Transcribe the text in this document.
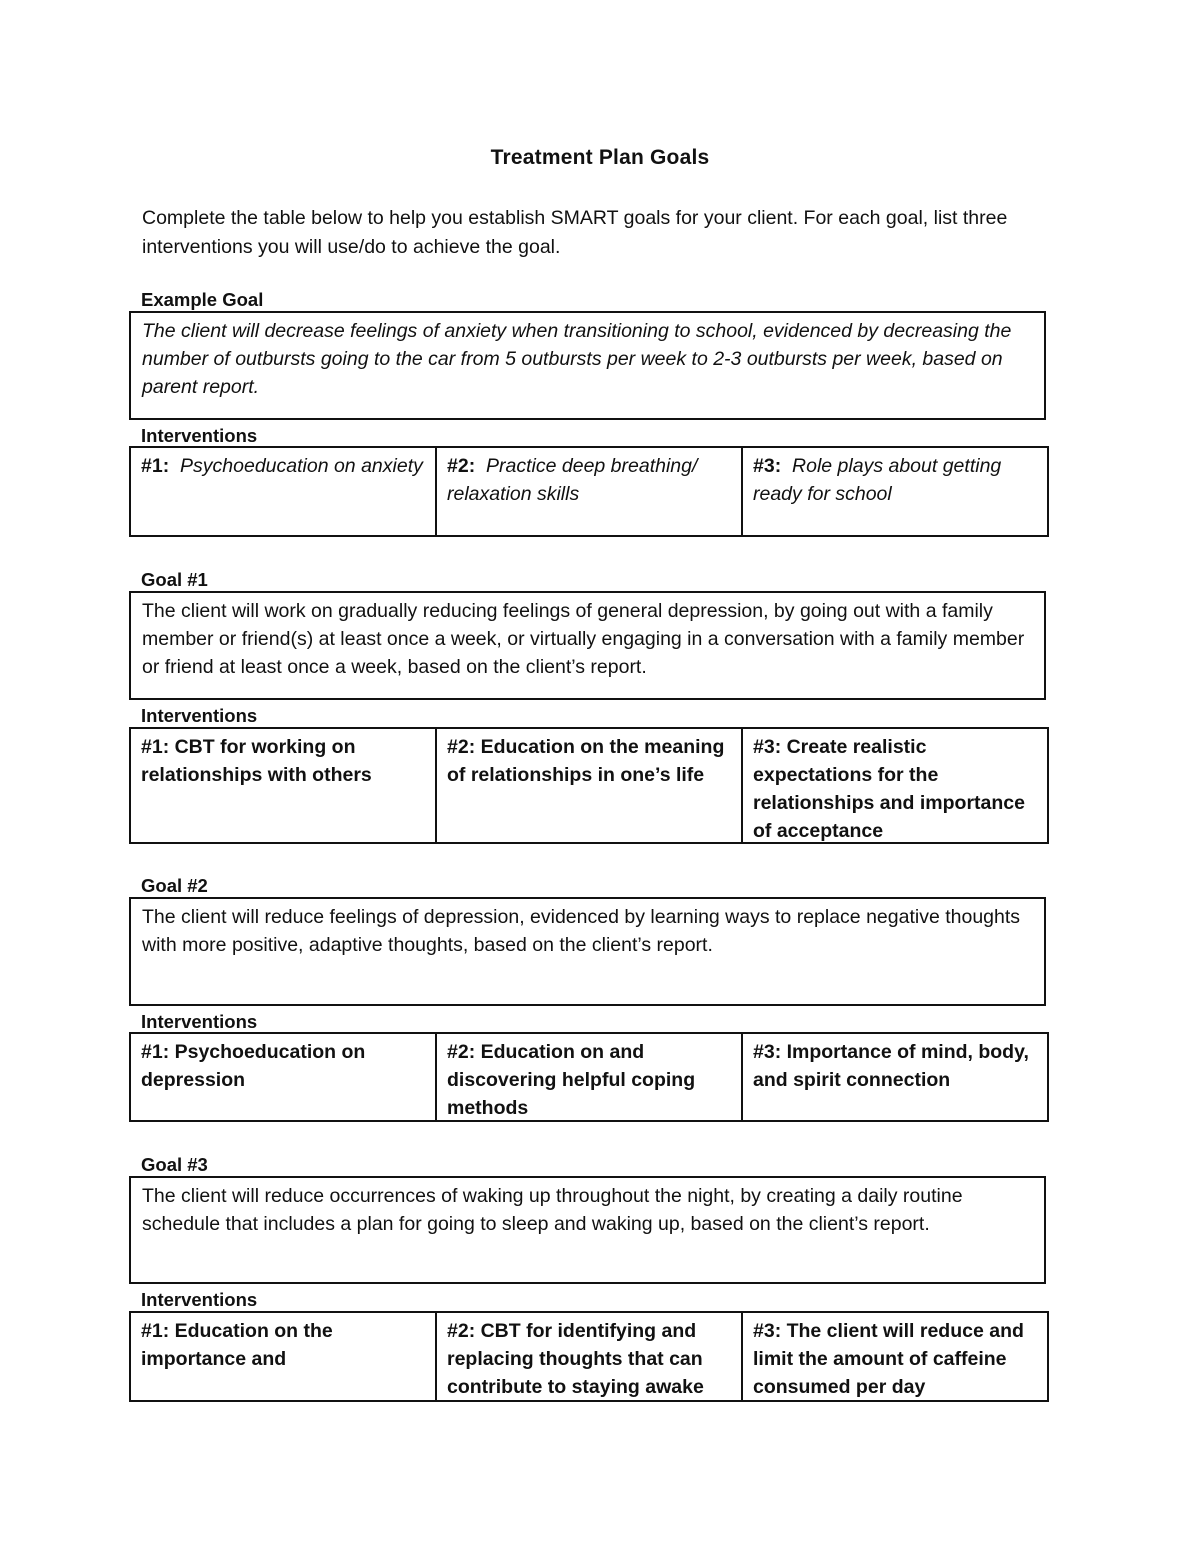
Treatment Plan Goals
Complete the table below to help you establish SMART goals for your client. For each goal, list three interventions you will use/do to achieve the goal.
Example Goal
The client will decrease feelings of anxiety when transitioning to school, evidenced by decreasing the number of outbursts going to the car from 5 outbursts per week to 2-3 outbursts per week, based on parent report.
Interventions
#1: Psychoeducation on anxiety	#2: Practice deep breathing/ relaxation skills
#3: Role plays about getting ready for school
Goal #1
The client will work on gradually reducing feelings of general depression, by going out with a family member or friend(s) at least once a week, or virtually engaging in a conversation with a family member or friend at least once a week, based on the client’s report.
Interventions
#1: CBT for working on relationships with others
#2: Education on the meaning of relationships in one’s life
#3: Create realistic expectations for the relationships and importance of acceptance
Goal #2
The client will reduce feelings of depression, evidenced by learning ways to replace negative thoughts with more positive, adaptive thoughts, based on the client’s report.
Interventions
#1: Psychoeducation on depression
#2: Education on and discovering helpful coping methods
#3: Importance of mind, body, and spirit connection
Goal #3
The client will reduce occurrences of waking up throughout the night, by creating a daily routine schedule that includes a plan for going to sleep and waking up, based on the client’s report.
Interventions
#1: Education on the importance and
#2: CBT for identifying and replacing thoughts that can contribute to staying awake
#3: The client will reduce and limit the amount of caffeine consumed per day
